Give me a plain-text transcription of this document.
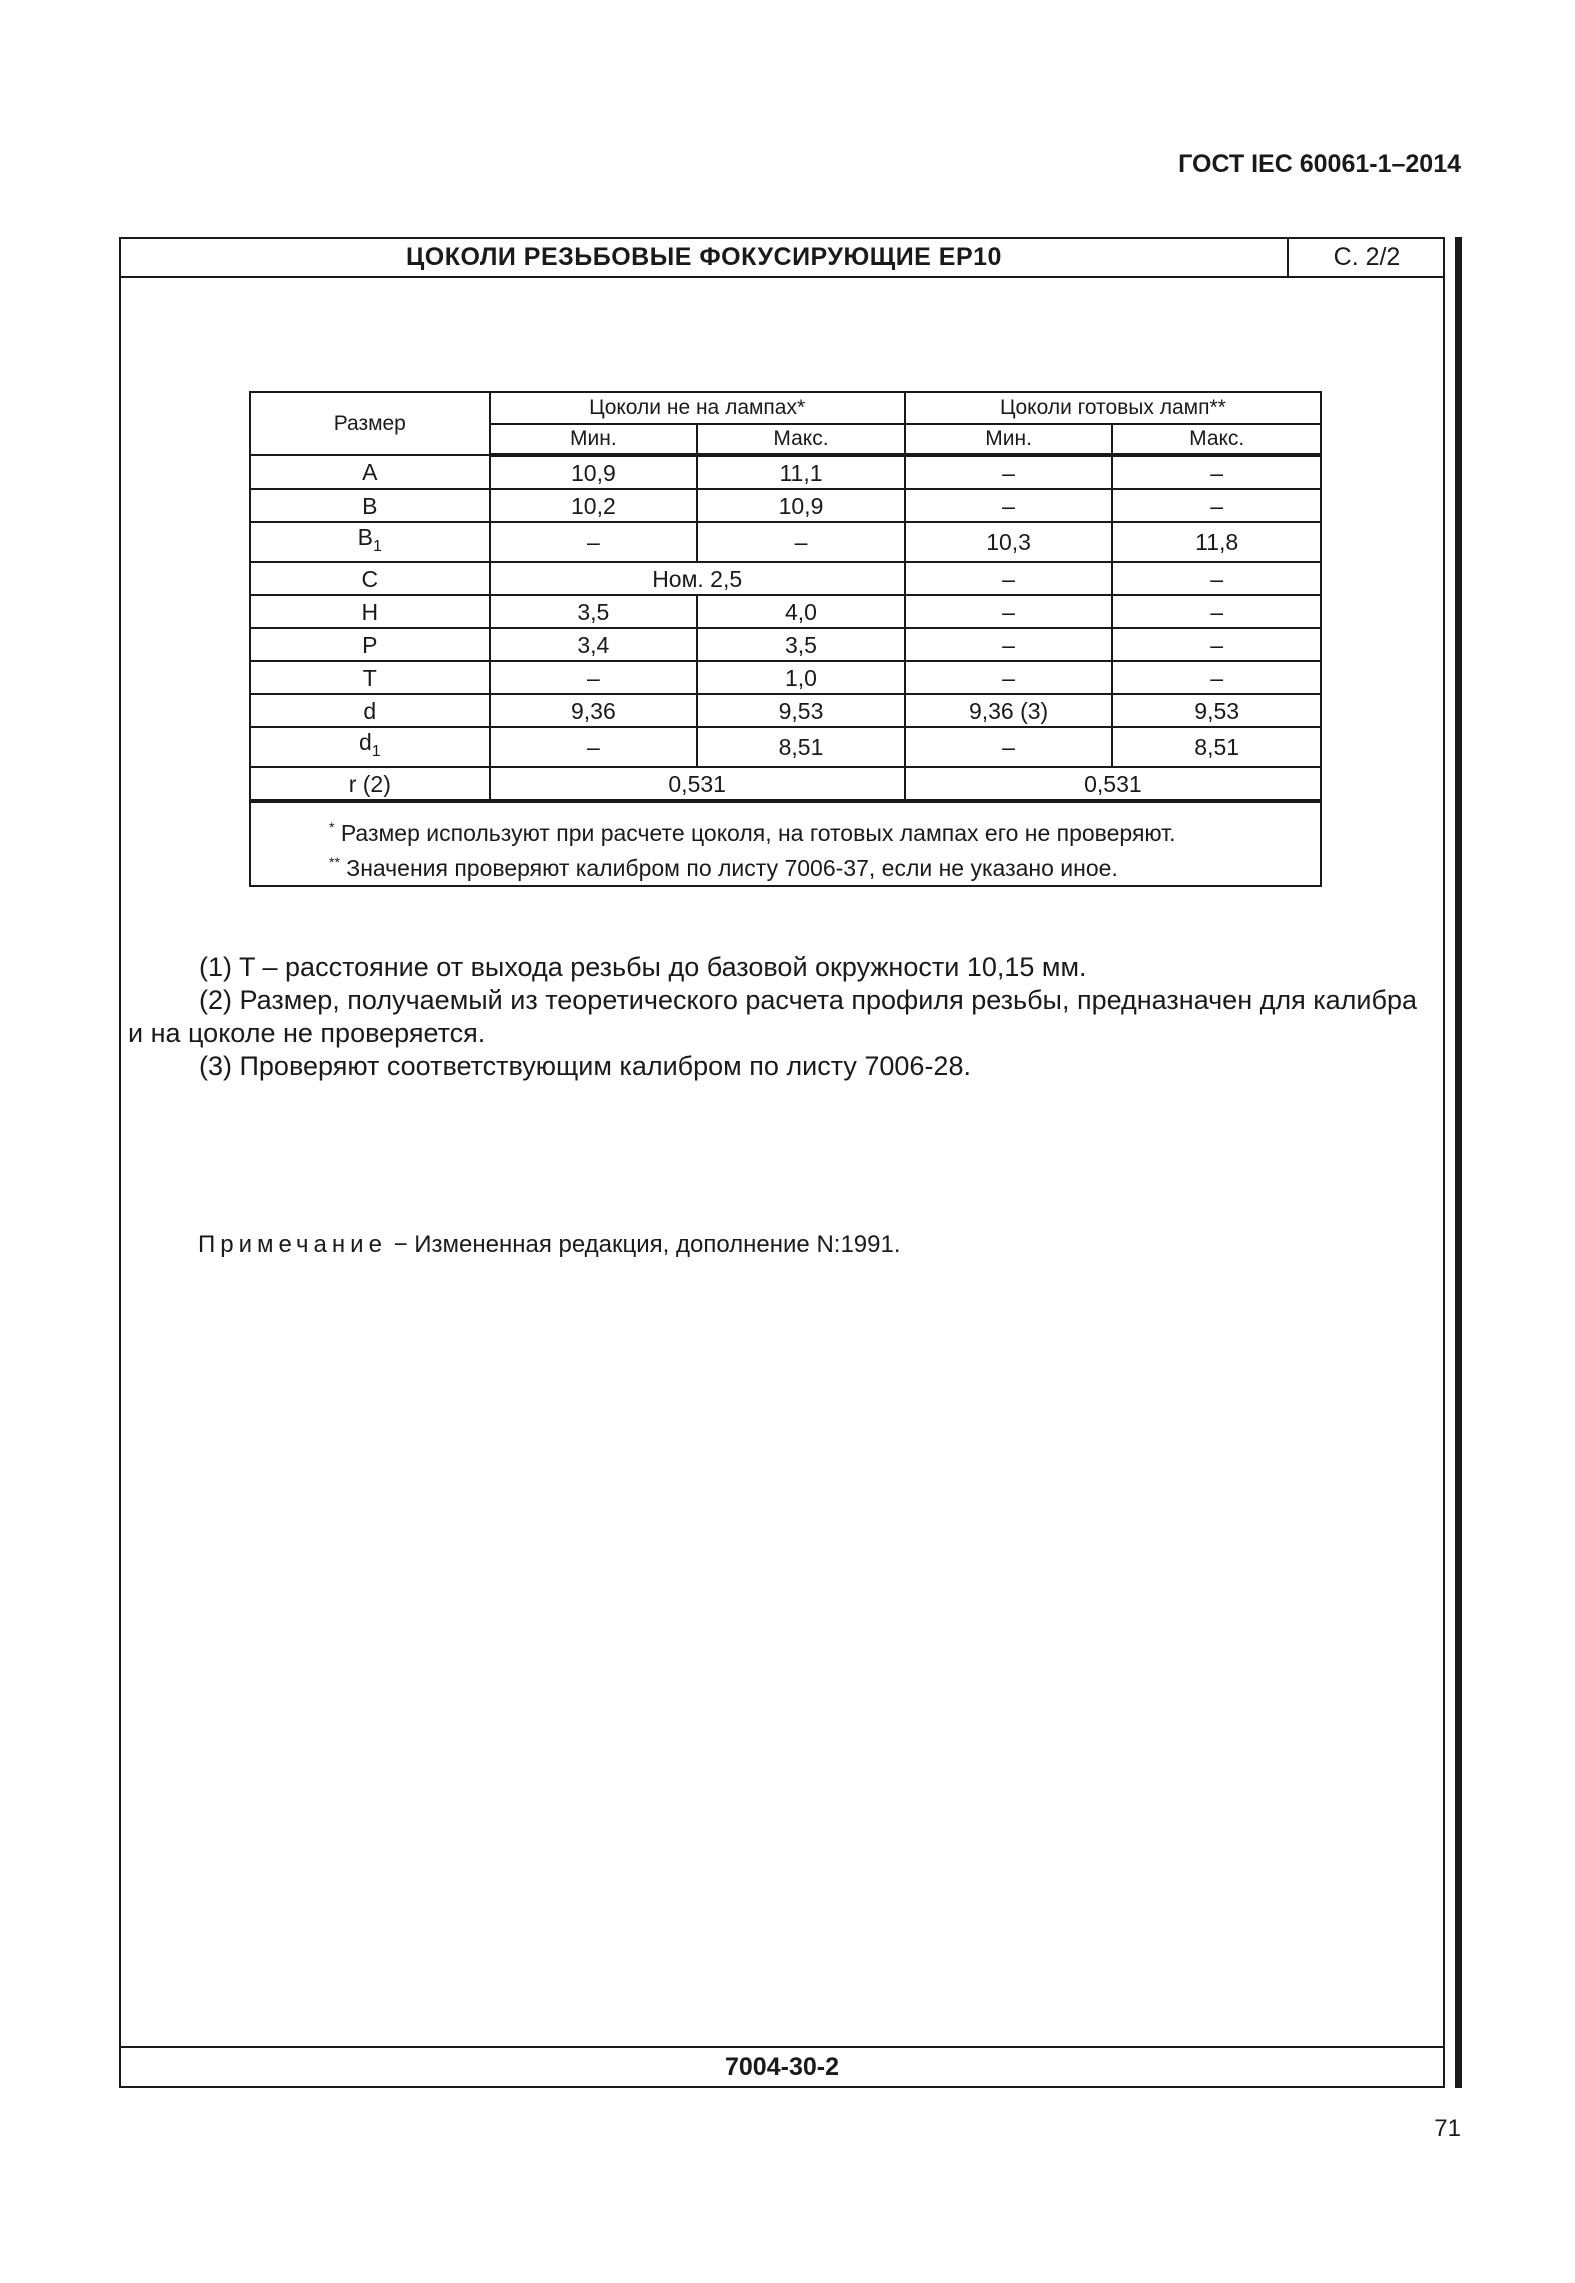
ГОСТ IEC 60061-1–2014
ЦОКОЛИ РЕЗЬБОВЫЕ ФОКУСИРУЮЩИЕ EP10	С. 2/2
Размер	Цоколи не на лампах*		Цоколи готовых ламп**	
	Мин.	Макс.	Мин.	Макс.
A	10,9	11,1	–	–
B	10,2	10,9	–	–
$B_1$	–	–	10,3	11,8
C	Ном. 2,5		–	–
H	3,5	4,0	–	–
P	3,4	3,5	–	–
T	–	1,0	–	–
d	9,36	9,53	9,36 (3)	9,53
$d_1$	–	8,51	–	8,51
r (2)	0,531		0,531	

* Размер используют при расчете цоколя, на готовых лампах его не проверяют.
** Значения проверяют калибром по листу 7006-37, если не указано иное.				
(1) T – расстояние от выхода резьбы до базовой окружности 10,15 мм.
(2) Размер, получаемый из теоретического расчета профиля резьбы, предназначен для калибра
и на цоколе не проверяется.
(3) Проверяют соответствующим калибром по листу 7006-28.
Примечание − Измененная редакция, дополнение N:1991.
7004-30-2
71
